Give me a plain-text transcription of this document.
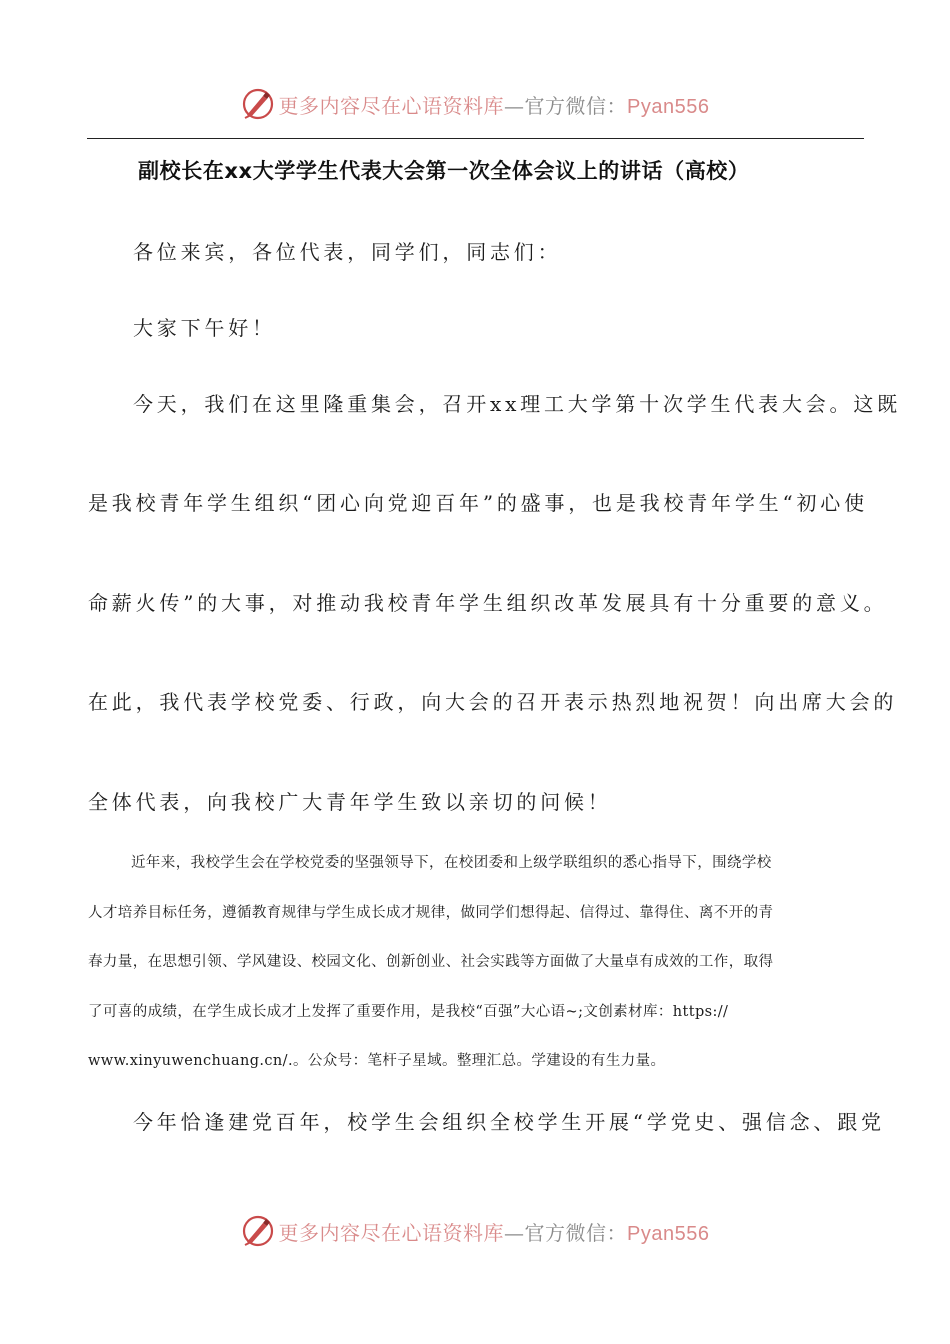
更多内容尽在心语资料库—官方微信：Pyan556
副校长在xx大学学生代表大会第一次全体会议上的讲话（高校）
各位来宾，各位代表，同学们，同志们：
大家下午好！
今天，我们在这里隆重集会，召开xx理工大学第十次学生代表大会。这既
是我校青年学生组织“团心向党迎百年”的盛事，也是我校青年学生“初心使
命薪火传”的大事，对推动我校青年学生组织改革发展具有十分重要的意义。
在此，我代表学校党委、行政，向大会的召开表示热烈地祝贺！向出席大会的
全体代表，向我校广大青年学生致以亲切的问候！
近年来，我校学生会在学校党委的坚强领导下，在校团委和上级学联组织的悉心指导下，围绕学校
人才培养目标任务，遵循教育规律与学生成长成才规律，做同学们想得起、信得过、靠得住、离不开的青
春力量，在思想引领、学风建设、校园文化、创新创业、社会实践等方面做了大量卓有成效的工作，取得
了可喜的成绩，在学生成长成才上发挥了重要作用，是我校“百强”大心语~;文创素材库：https://
www.xinyuwenchuang.cn/.。公众号：笔杆子星域。整理汇总。学建设的有生力量。
今年恰逢建党百年，校学生会组织全校学生开展“学党史、强信念、跟党
更多内容尽在心语资料库—官方微信：Pyan556
